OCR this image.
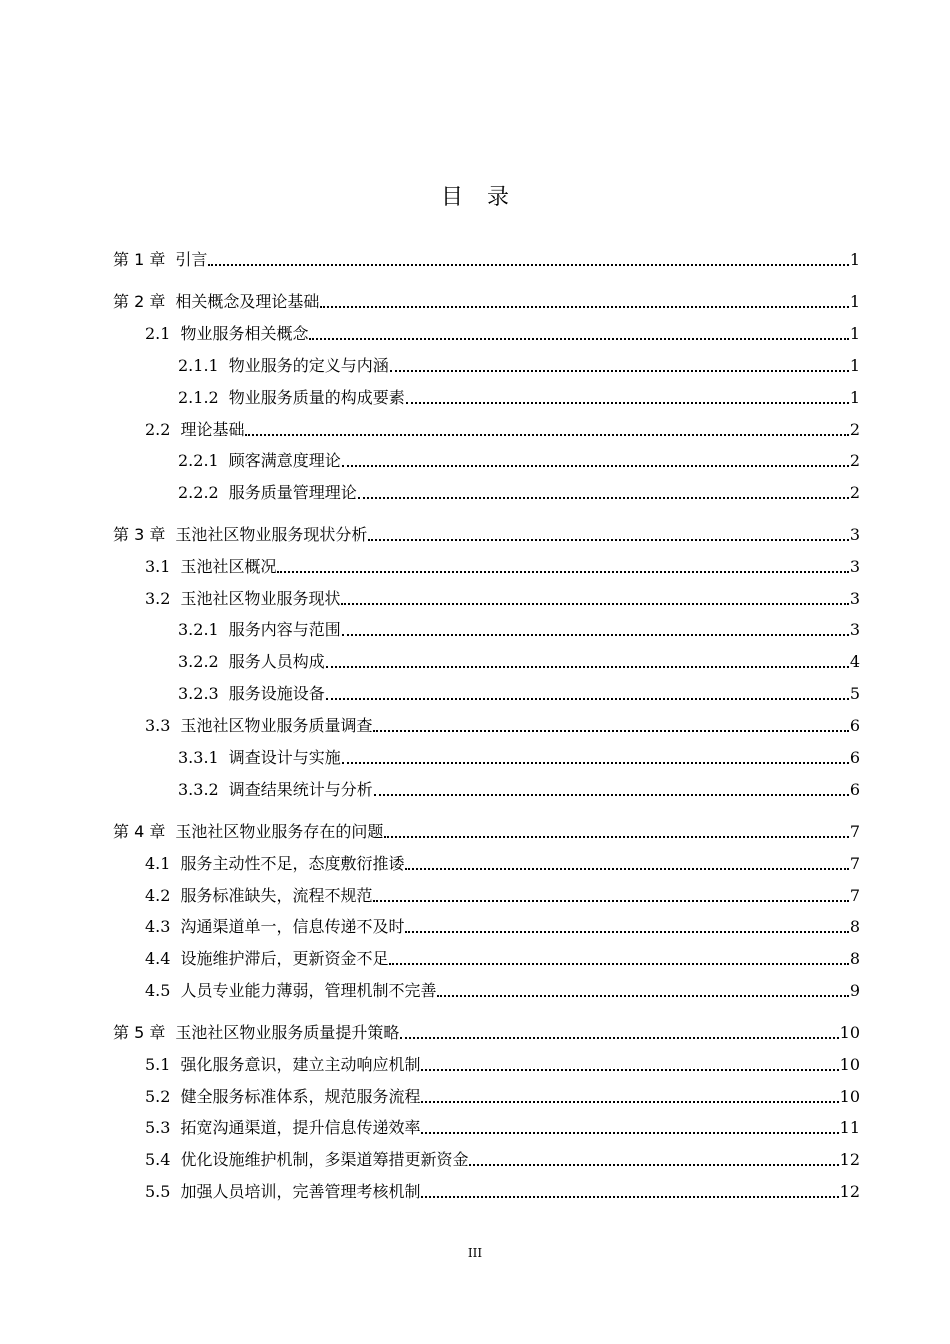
目录
第 1 章 引言	1
第 2 章 相关概念及理论基础	1
2.1 物业服务相关概念	1
2.1.1 物业服务的定义与内涵	1
2.1.2 物业服务质量的构成要素	1
2.2 理论基础	2
2.2.1 顾客满意度理论	2
2.2.2 服务质量管理理论	2
第 3 章 玉池社区物业服务现状分析	3
3.1 玉池社区概况	3
3.2 玉池社区物业服务现状	3
3.2.1 服务内容与范围	3
3.2.2 服务人员构成	4
3.2.3 服务设施设备	5
3.3 玉池社区物业服务质量调查	6
3.3.1 调查设计与实施	6
3.3.2 调查结果统计与分析	6
第 4 章 玉池社区物业服务存在的问题	7
4.1 服务主动性不足，态度敷衍推诿	7
4.2 服务标准缺失，流程不规范	7
4.3 沟通渠道单一，信息传递不及时	8
4.4 设施维护滞后，更新资金不足	8
4.5 人员专业能力薄弱，管理机制不完善	9
第 5 章 玉池社区物业服务质量提升策略	10
5.1 强化服务意识，建立主动响应机制	10
5.2 健全服务标准体系，规范服务流程	10
5.3 拓宽沟通渠道，提升信息传递效率	11
5.4 优化设施维护机制，多渠道筹措更新资金	12
5.5 加强人员培训，完善管理考核机制	12
III
